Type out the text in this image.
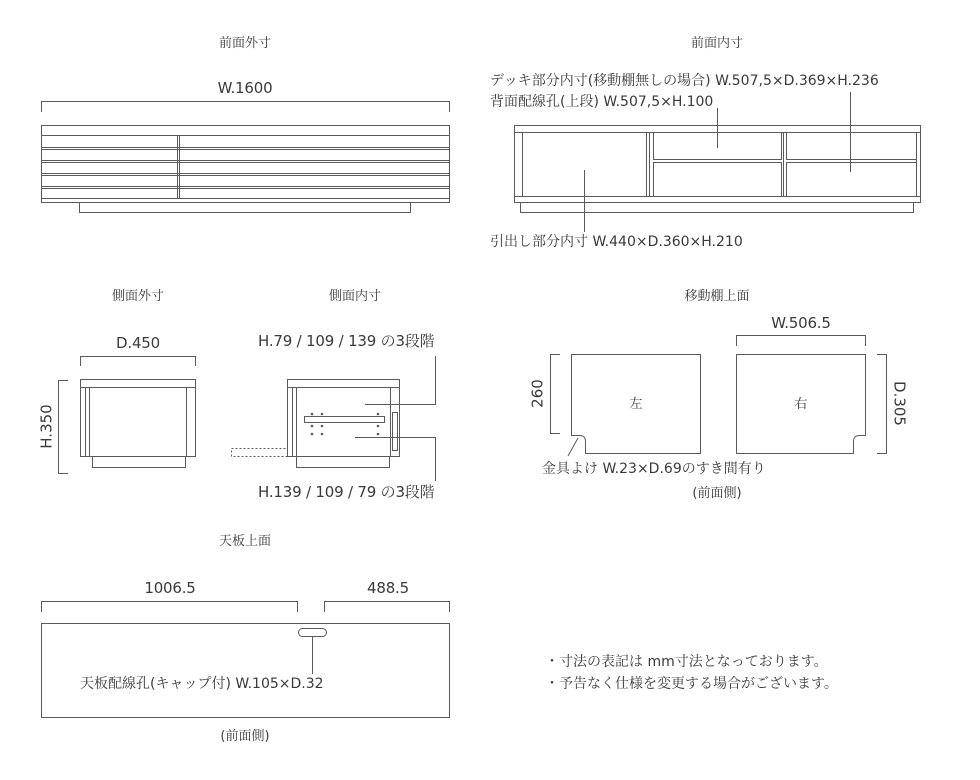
前面外寸
W.1600
前面内寸
デッキ部分内寸(移動棚無しの場合) W.507,5×D.369×H.236
背面配線孔(上段) W.507,5×H.100
引出し部分内寸 W.440×D.360×H.210
側面外寸
D.450
H.350
側面内寸
H.79 / 109 / 139 の3段階
H.139 / 109 / 79 の3段階
移動棚上面
W.506.5
260	D.305
左	右
金具よけ W.23×D.69のすき間有り
(前面側)
天板上面
1006.5	488.5
天板配線孔(キャップ付) W.105×D.32
(前面側)
・寸法の表記は mm寸法となっております。
・予告なく仕様を変更する場合がございます。
